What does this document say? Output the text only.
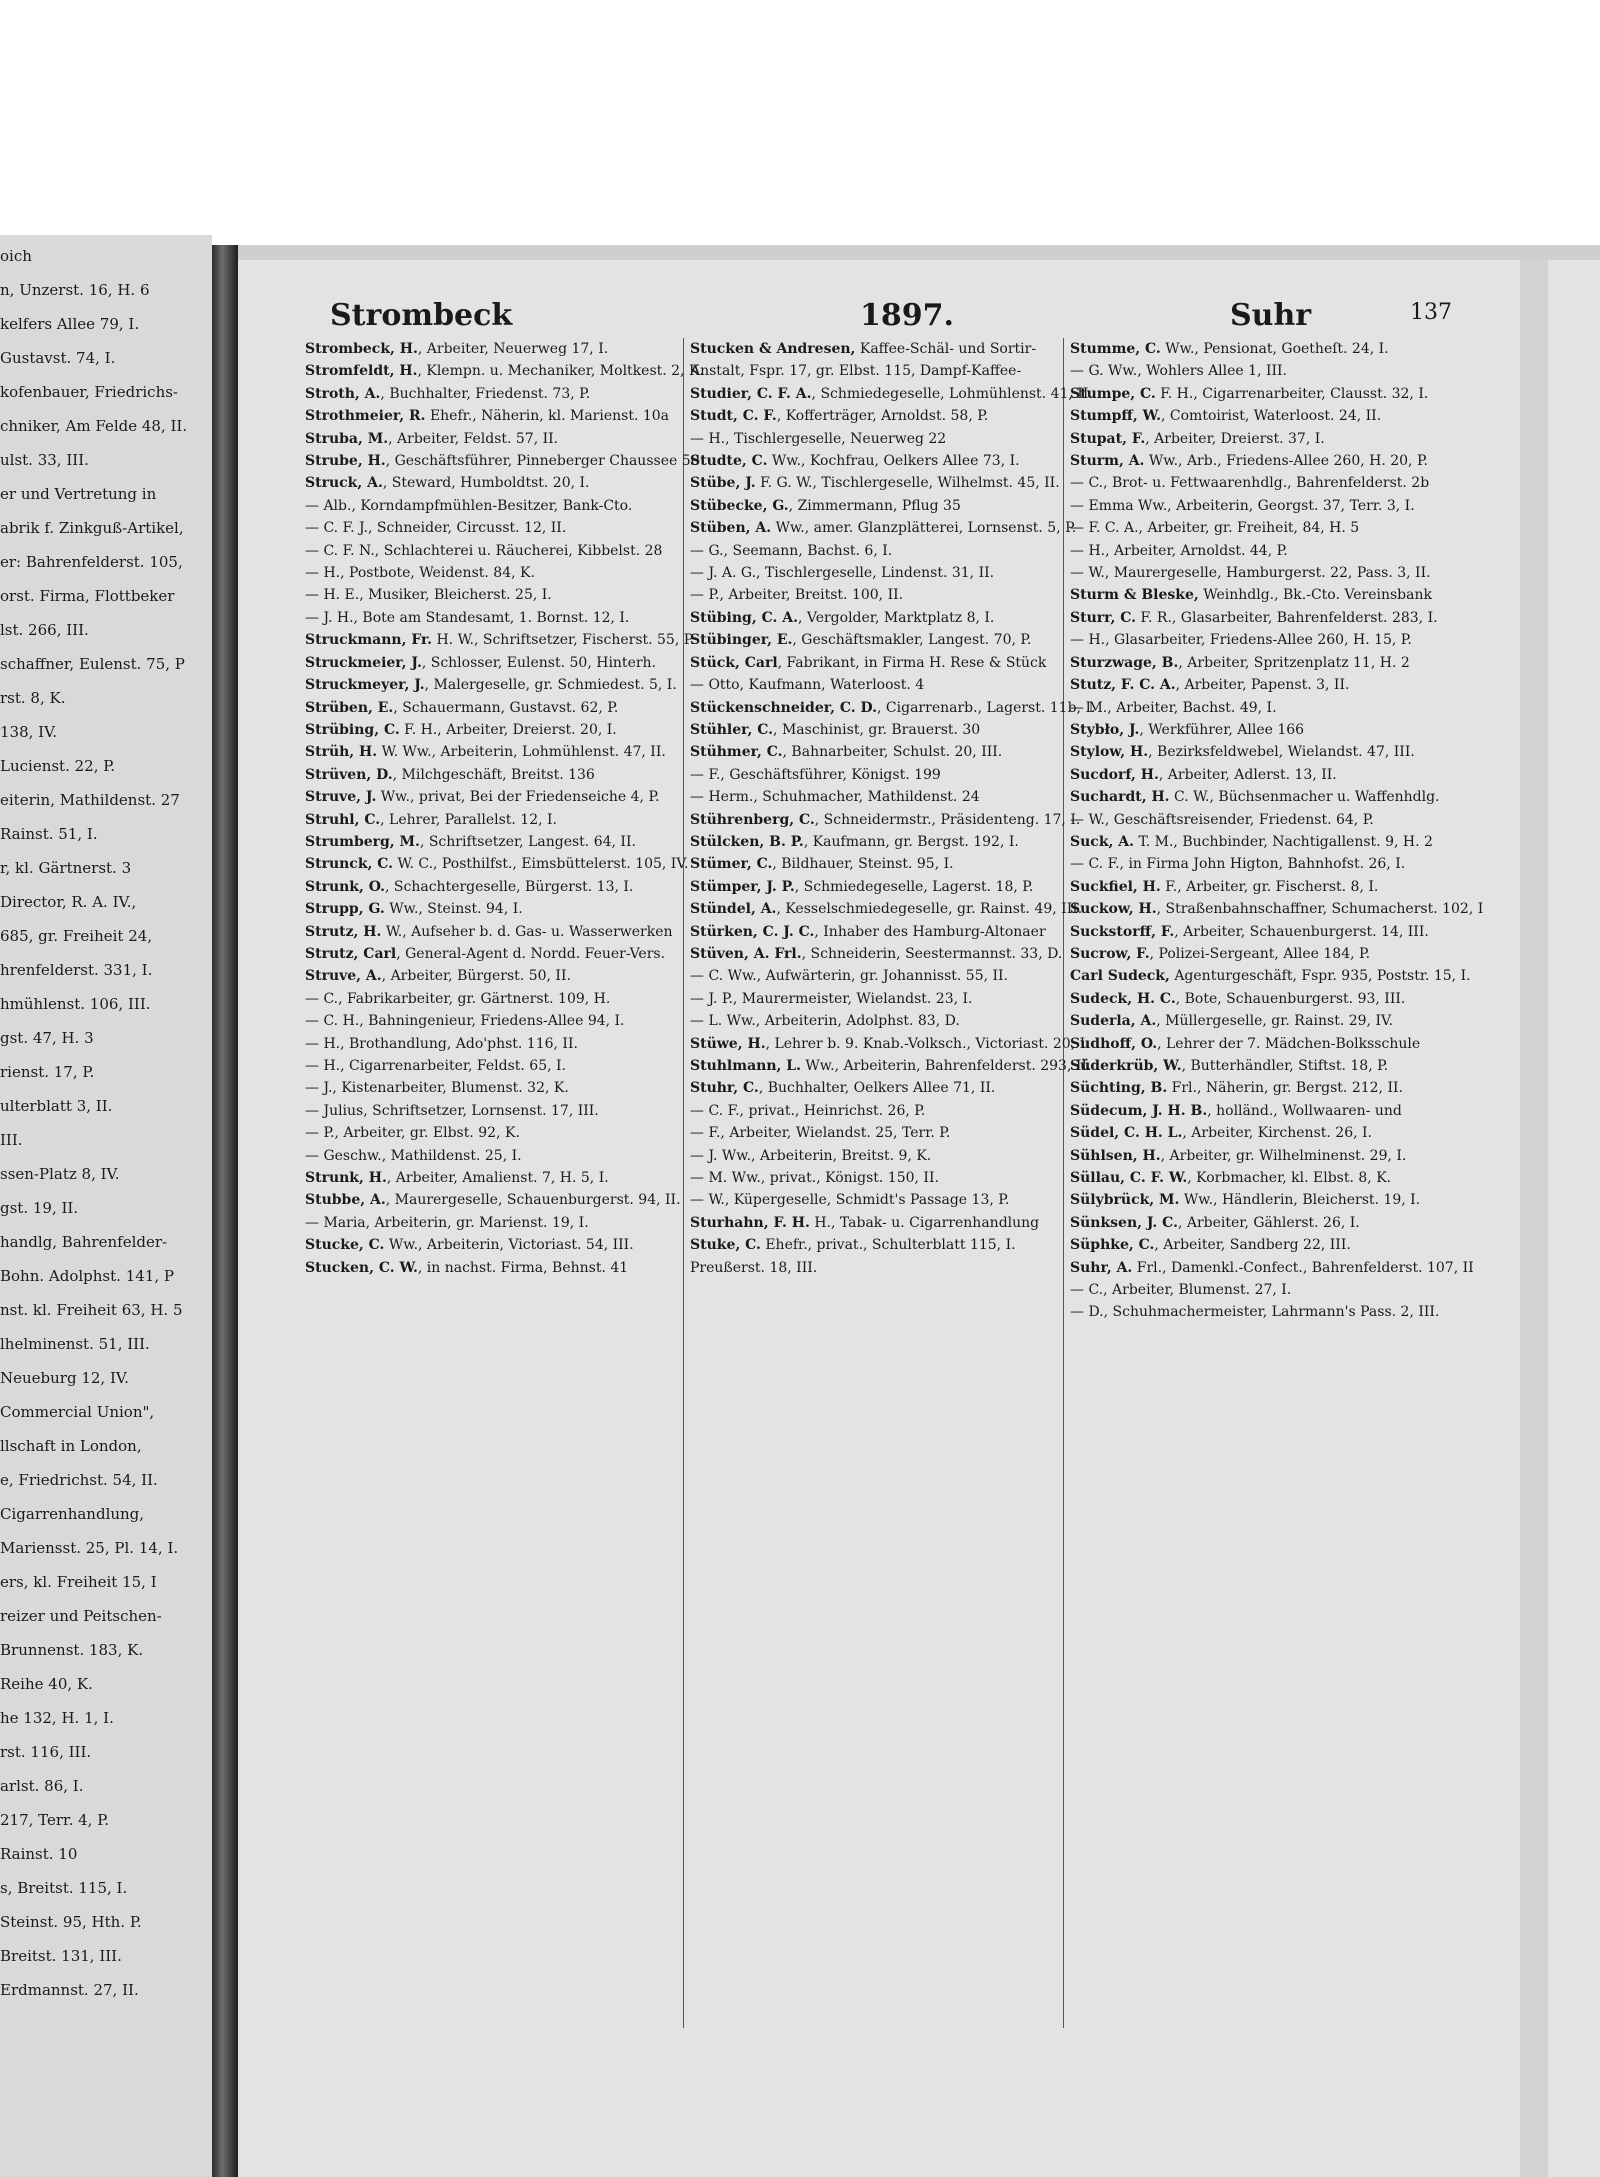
oich
n, Unzerst. 16, H. 6
kelfers Allee 79, I.
Gustavst. 74, I.
kofenbauer, Friedrichs-
chniker, Am Felde 48, II.
ulst. 33, III.
er und Vertretung in
abrik f. Zinkguß-Artikel,
er: Bahrenfelderst. 105,
orst. Firma, Flottbeker
lst. 266, III.
schaffner, Eulenst. 75, P
rst. 8, K.
138, IV.
Lucienst. 22, P.
eiterin, Mathildenst. 27
Rainst. 51, I.
r, kl. Gärtnerst. 3
Director, R. A. IV.,
685, gr. Freiheit 24,
hrenfelderst. 331, I.
hmühlenst. 106, III.
gst. 47, H. 3
rienst. 17, P.
ulterblatt 3, II.
III.
ssen-Platz 8, IV.
gst. 19, II.
handlg, Bahrenfelder-
Bohn. Adolphst. 141, P
nst. kl. Freiheit 63, H. 5
lhelminenst. 51, III.
Neueburg 12, IV.
Commercial Union",
llschaft in London,
e, Friedrichst. 54, II.
Cigarrenhandlung,
Mariensst. 25, Pl. 14, I.
ers, kl. Freiheit 15, I
reizer und Peitschen-
Brunnenst. 183, K.
Reihe 40, K.
he 132, H. 1, I.
rst. 116, III.
arlst. 86, I.
217, Terr. 4, P.
Rainst. 10
s, Breitst. 115, I.
Steinst. 95, Hth. P.
Breitst. 131, III.
Erdmannst. 27, II.
Strombeck	1897.	Suhr	137
Strombeck, H., Arbeiter, Neuerweg 17, I.
Stromfeldt, H., Klempn. u. Mechaniker, Moltkest. 2, K.
Stroth, A., Buchhalter, Friedenst. 73, P.
Strothmeier, R. Ehefr., Näherin, kl. Marienst. 10a
Struba, M., Arbeiter, Feldst. 57, II.
Strube, H., Geschäftsführer, Pinneberger Chaussee 50
Struck, A., Steward, Humboldtst. 20, I.
— Alb., Korndampfmühlen-Besitzer, Bank-Cto.
— C. F. J., Schneider, Circusst. 12, II.
— C. F. N., Schlachterei u. Räucherei, Kibbelst. 28
— H., Postbote, Weidenst. 84, K.
— H. E., Musiker, Bleicherst. 25, I.
— J. H., Bote am Standesamt, 1. Bornst. 12, I.
Struckmann, Fr. H. W., Schriftsetzer, Fischerst. 55, P.
Struckmeier, J., Schlosser, Eulenst. 50, Hinterh.
Struckmeyer, J., Malergeselle, gr. Schmiedest. 5, I.
Strüben, E., Schauermann, Gustavst. 62, P.
Strübing, C. F. H., Arbeiter, Dreierst. 20, I.
Strüh, H. W. Ww., Arbeiterin, Lohmühlenst. 47, II.
Strüven, D., Milchgeschäft, Breitst. 136
Struve, J. Ww., privat, Bei der Friedenseiche 4, P.
Struhl, C., Lehrer, Parallelst. 12, I.
Strumberg, M., Schriftsetzer, Langest. 64, II.
Strunck, C. W. C., Posthilfst., Eimsbüttelerst. 105, IV.
Strunk, O., Schachtergeselle, Bürgerst. 13, I.
Strupp, G. Ww., Steinst. 94, I.
Strutz, H. W., Aufseher b. d. Gas- u. Wasserwerken
Strutz, Carl, General-Agent d. Nordd. Feuer-Vers.
Struve, A., Arbeiter, Bürgerst. 50, II.
— C., Fabrikarbeiter, gr. Gärtnerst. 109, H.
— C. H., Bahningenieur, Friedens-Allee 94, I.
— H., Brothandlung, Ado'phst. 116, II.
— H., Cigarrenarbeiter, Feldst. 65, I.
— J., Kistenarbeiter, Blumenst. 32, K.
— Julius, Schriftsetzer, Lornsenst. 17, III.
— P., Arbeiter, gr. Elbst. 92, K.
— Geschw., Mathildenst. 25, I.
Strunk, H., Arbeiter, Amalienst. 7, H. 5, I.
Stubbe, A., Maurergeselle, Schauenburgerst. 94, II.
— Maria, Arbeiterin, gr. Marienst. 19, I.
Stucke, C. Ww., Arbeiterin, Victoriast. 54, III.
Stucken, C. W., in nachst. Firma, Behnst. 41
Stucken & Andresen, Kaffee-Schäl- und Sortir-
Anstalt, Fspr. 17, gr. Elbst. 115, Dampf-Kaffee-
Studier, C. F. A., Schmiedegeselle, Lohmühlenst. 41, II.
Studt, C. F., Kofferträger, Arnoldst. 58, P.
— H., Tischlergeselle, Neuerweg 22
Studte, C. Ww., Kochfrau, Oelkers Allee 73, I.
Stübe, J. F. G. W., Tischlergeselle, Wilhelmst. 45, II.
Stübecke, G., Zimmermann, Pflug 35
Stüben, A. Ww., amer. Glanzplätterei, Lornsenst. 5, P.
— G., Seemann, Bachst. 6, I.
— J. A. G., Tischlergeselle, Lindenst. 31, II.
— P., Arbeiter, Breitst. 100, II.
Stübing, C. A., Vergolder, Marktplatz 8, I.
Stübinger, E., Geschäftsmakler, Langest. 70, P.
Stück, Carl, Fabrikant, in Firma H. Rese & Stück
— Otto, Kaufmann, Waterloost. 4
Stückenschneider, C. D., Cigarrenarb., Lagerst. 11b, I.
Stühler, C., Maschinist, gr. Brauerst. 30
Stühmer, C., Bahnarbeiter, Schulst. 20, III.
— F., Geschäftsführer, Königst. 199
— Herm., Schuhmacher, Mathildenst. 24
Stührenberg, C., Schneidermstr., Präsidenteng. 17, I.
Stülcken, B. P., Kaufmann, gr. Bergst. 192, I.
Stümer, C., Bildhauer, Steinst. 95, I.
Stümper, J. P., Schmiedegeselle, Lagerst. 18, P.
Stündel, A., Kesselschmiedegeselle, gr. Rainst. 49, III.
Stürken, C. J. C., Inhaber des Hamburg-Altonaer
Stüven, A. Frl., Schneiderin, Seestermannst. 33, D.
— C. Ww., Aufwärterin, gr. Johannisst. 55, II.
— J. P., Maurermeister, Wielandst. 23, I.
— L. Ww., Arbeiterin, Adolphst. 83, D.
Stüwe, H., Lehrer b. 9. Knab.-Volksch., Victoriast. 20, I.
Stuhlmann, L. Ww., Arbeiterin, Bahrenfelderst. 293, II.
Stuhr, C., Buchhalter, Oelkers Allee 71, II.
— C. F., privat., Heinrichst. 26, P.
— F., Arbeiter, Wielandst. 25, Terr. P.
— J. Ww., Arbeiterin, Breitst. 9, K.
— M. Ww., privat., Königst. 150, II.
— W., Küpergeselle, Schmidt's Passage 13, P.
Sturhahn, F. H. H., Tabak- u. Cigarrenhandlung
Stuke, C. Ehefr., privat., Schulterblatt 115, I.
Preußerst. 18, III.
Stumme, C. Ww., Pensionat, Goetheſt. 24, I.
— G. Ww., Wohlers Allee 1, III.
Stumpe, C. F. H., Cigarrenarbeiter, Clausst. 32, I.
Stumpff, W., Comtoirist, Waterloost. 24, II.
Stupat, F., Arbeiter, Dreierst. 37, I.
Sturm, A. Ww., Arb., Friedens-Allee 260, H. 20, P.
— C., Brot- u. Fettwaarenhdlg., Bahrenfelderst. 2b
— Emma Ww., Arbeiterin, Georgst. 37, Terr. 3, I.
— F. C. A., Arbeiter, gr. Freiheit, 84, H. 5
— H., Arbeiter, Arnoldst. 44, P.
— W., Maurergeselle, Hamburgerst. 22, Pass. 3, II.
Sturm & Bleske, Weinhdlg., Bk.-Cto. Vereinsbank
Sturr, C. F. R., Glasarbeiter, Bahrenfelderst. 283, I.
— H., Glasarbeiter, Friedens-Allee 260, H. 15, P.
Sturzwage, B., Arbeiter, Spritzenplatz 11, H. 2
Stutz, F. C. A., Arbeiter, Papenst. 3, II.
— M., Arbeiter, Bachst. 49, I.
Stybło, J., Werkführer, Allee 166
Stylow, H., Bezirksfeldwebel, Wielandst. 47, III.
Sucdorf, H., Arbeiter, Adlerst. 13, II.
Suchardt, H. C. W., Büchsenmacher u. Waffenhdlg.
— W., Geschäftsreisender, Friedenst. 64, P.
Suck, A. T. M., Buchbinder, Nachtigallenst. 9, H. 2
— C. F., in Firma John Higton, Bahnhofst. 26, I.
Suckfiel, H. F., Arbeiter, gr. Fischerst. 8, I.
Suckow, H., Straßenbahnschaffner, Schumacherst. 102, I
Suckstorff, F., Arbeiter, Schauenburgerst. 14, III.
Sucrow, F., Polizei-Sergeant, Allee 184, P.
Carl Sudeck, Agenturgeschäft, Fspr. 935, Poststr. 15, I.
Sudeck, H. C., Bote, Schauenburgerst. 93, III.
Suderla, A., Müllergeselle, gr. Rainst. 29, IV.
Sudhoff, O., Lehrer der 7. Mädchen-Bolksschule
Süderkrüb, W., Butterhändler, Stiftst. 18, P.
Süchting, B. Frl., Näherin, gr. Bergst. 212, II.
Südecum, J. H. B., holländ., Wollwaaren- und
Südel, C. H. L., Arbeiter, Kirchenst. 26, I.
Sühlsen, H., Arbeiter, gr. Wilhelminenst. 29, I.
Süllau, C. F. W., Korbmacher, kl. Elbst. 8, K.
Sülybrück, M. Ww., Händlerin, Bleicherst. 19, I.
Sünksen, J. C., Arbeiter, Gählerst. 26, I.
Süphke, C., Arbeiter, Sandberg 22, III.
Suhr, A. Frl., Damenkl.-Confect., Bahrenfelderst. 107, II
— C., Arbeiter, Blumenst. 27, I.
— D., Schuhmachermeister, Lahrmann's Pass. 2, III.
